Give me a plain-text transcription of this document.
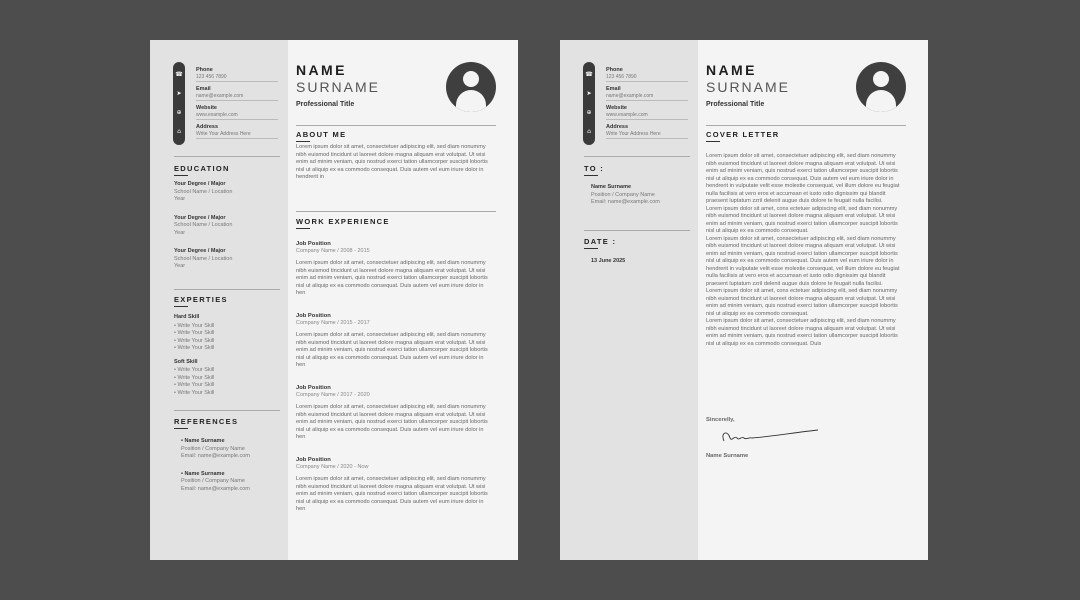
☎
➤
⊕
⌂
Phone
123 456 7890
Email
name@example.com
Website
www.example.com
Address
Write Your Address Here
EDUCATION
Your Degree / Major
School Name / Location
Year
Your Degree / Major
School Name / Location
Year
Your Degree / Major
School Name / Location
Year
EXPERTIES
Hard Skill
• Write Your Skill
• Write Your Skill
• Write Your Skill
• Write Your Skill
Soft Skill
• Write Your Skill
• Write Your Skill
• Write Your Skill
• Write Your Skill
REFERENCES
• Name Surname
Position / Company Name
Email: name@example.com
• Name Surname
Position / Company Name
Email: name@example.com
NAME
SURNAME
Professional Title
ABOUT ME
Lorem ipsum dolor sit amet, consectetuer adipiscing elit, sed diam nonummy nibh euismod tincidunt ut laoreet dolore magna aliquam erat volutpat. Ut wisi enim ad minim veniam, quis nostrud exerci tation ullamcorper suscipit lobortis nisl ut aliquip ex ea commodo consequat. Duis autem vel eum iriure dolor in hendrerit in
WORK EXPERIENCE
Job Position
Company Name / 2008 - 2015
Lorem ipsum dolor sit amet, consectetuer adipiscing elit, sed diam nonummy nibh euismod tincidunt ut laoreet dolore magna aliquam erat volutpat. Ut wisi enim ad minim veniam, quis nostrud exerci tation ullamcorper suscipit lobortis nisl ut aliquip ex ea commodo consequat. Duis autem vel eum iriure dolor in hen
Job Position
Company Name / 2015 - 2017
Lorem ipsum dolor sit amet, consectetuer adipiscing elit, sed diam nonummy nibh euismod tincidunt ut laoreet dolore magna aliquam erat volutpat. Ut wisi enim ad minim veniam, quis nostrud exerci tation ullamcorper suscipit lobortis nisl ut aliquip ex ea commodo consequat. Duis autem vel eum iriure dolor in hen
Job Position
Company Name / 2017 - 2020
Lorem ipsum dolor sit amet, consectetuer adipiscing elit, sed diam nonummy nibh euismod tincidunt ut laoreet dolore magna aliquam erat volutpat. Ut wisi enim ad minim veniam, quis nostrud exerci tation ullamcorper suscipit lobortis nisl ut aliquip ex ea commodo consequat. Duis autem vel eum iriure dolor in hen
Job Position
Company Name / 2020 - Now
Lorem ipsum dolor sit amet, consectetuer adipiscing elit, sed diam nonummy nibh euismod tincidunt ut laoreet dolore magna aliquam erat volutpat. Ut wisi enim ad minim veniam, quis nostrud exerci tation ullamcorper suscipit lobortis nisl ut aliquip ex ea commodo consequat. Duis autem vel eum iriure dolor in hen
☎
➤
⊕
⌂
Phone
123 456 7890
Email
name@example.com
Website
www.example.com
Address
Write Your Address Here
TO :
Name Surname
Position / Company Name
Email: name@example.com
DATE :
13 June 2025
NAME
SURNAME
Professional Title
COVER LETTER
Lorem ipsum dolor sit amet, consectetuer adipiscing elit, sed diam nonummy nibh euismod tincidunt ut laoreet dolore magna aliquam erat volutpat. Ut wisi enim ad minim veniam, quis nostrud exerci tation ullamcorper suscipit lobortis nisl ut aliquip ex ea commodo consequat. Duis autem vel eum iriure dolor in hendrerit in vulputate velit esse molestie consequat, vel illum dolore eu feugiat nulla facilisis at vero eros et accumsan et iusto odio dignissim qui blandit praesent luptatum zzril delenit augue duis dolore te feugait nulla facilisi.
Lorem ipsum dolor sit amet, cons ectetuer adipiscing elit, sed diam nonummy nibh euismod tincidunt ut laoreet dolore magna aliquam erat volutpat. Ut wisi enim ad minim veniam, quis nostrud exerci tation ullamcorper suscipit lobortis nisl ut aliquip ex ea commodo consequat.
Lorem ipsum dolor sit amet, consectetuer adipiscing elit, sed diam nonummy nibh euismod tincidunt ut laoreet dolore magna aliquam erat volutpat. Ut wisi enim ad minim veniam, quis nostrud exerci tation ullamcorper suscipit lobortis nisl ut aliquip ex ea commodo consequat. Duis autem vel eum iriure dolor in hendrerit in vulputate velit esse molestie consequat, vel illum dolore eu feugiat nulla facilisis at vero eros et accumsan et iusto odio dignissim qui blandit praesent luptatum zzril delenit augue duis dolore te feugait nulla facilisi.
Lorem ipsum dolor sit amet, cons ectetuer adipiscing elit, sed diam nonummy nibh euismod tincidunt ut laoreet dolore magna aliquam erat volutpat. Ut wisi enim ad minim veniam, quis nostrud exerci tation ullamcorper suscipit lobortis nisl ut aliquip ex ea commodo consequat.
Lorem ipsum dolor sit amet, consectetuer adipiscing elit, sed diam nonummy nibh euismod tincidunt ut laoreet dolore magna aliquam erat volutpat. Ut wisi enim ad minim veniam, quis nostrud exerci tation ullamcorper suscipit lobortis nisl ut aliquip ex ea commodo consequat. Duis
Sincerelly,
Name Surname
